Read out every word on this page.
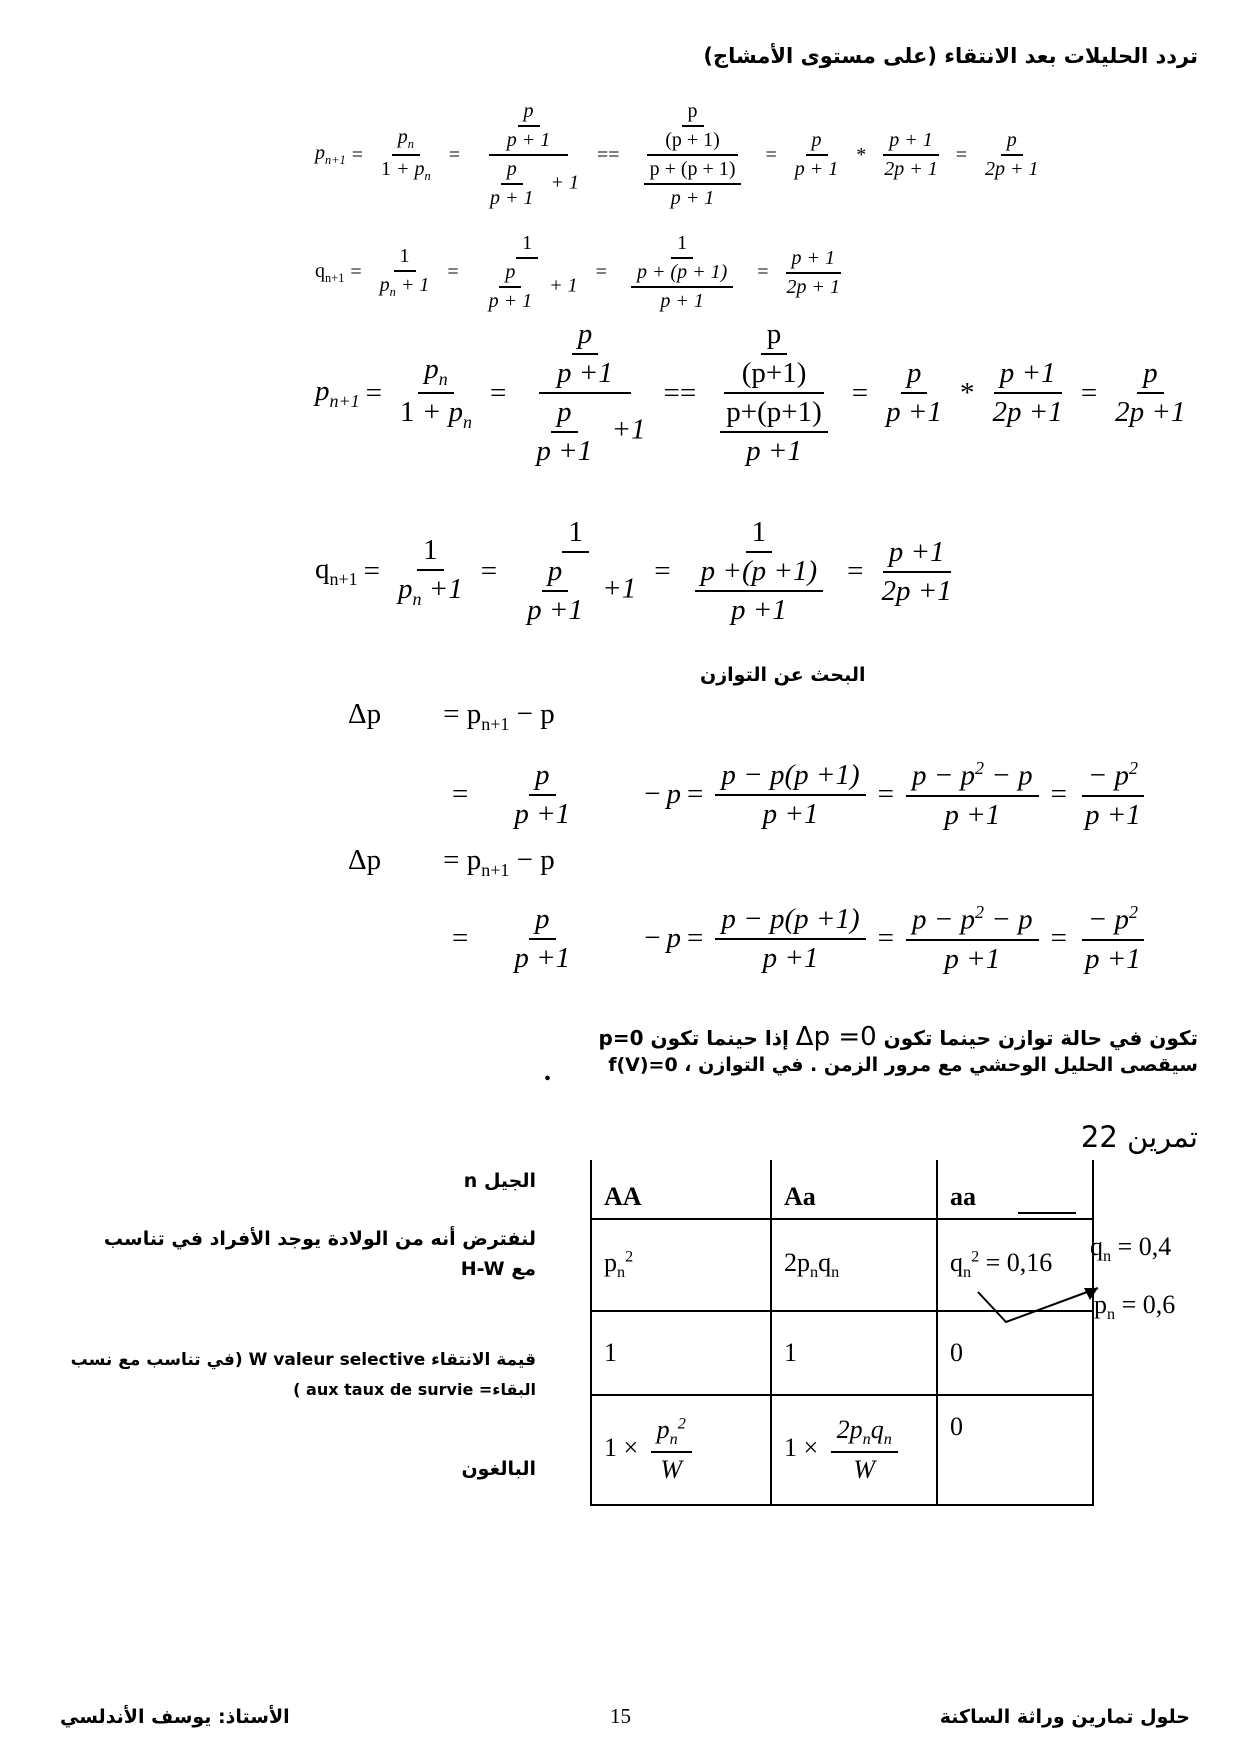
تردد الحليلات بعد الانتقاء (على مستوى الأمشاج)
$p_{n+1} = \frac{p_n}{1 + p_n} = \frac{\frac{p}{p + 1}}{\frac{p}{p + 1} + 1} == \frac{\frac{p}{(p + 1)}}{\frac{p + (p + 1)}{p + 1}} = \frac{p}{p + 1} * \frac{p + 1}{2p + 1} = \frac{p}{2p + 1}$
$q_{n+1} = \frac{1}{p_n + 1} = \frac{1}{\frac{p}{p + 1} + 1} = \frac{1}{\frac{p + (p + 1)}{p + 1}} = \frac{p + 1}{2p + 1}$
$p_{n+1} = \frac{p_n}{1 + p_n} = \frac{\frac{p}{p +1}}{\frac{p}{p +1} +1} == \frac{\frac{p}{(p+1)}}{\frac{p+(p+1)}{p +1}} = \frac{p}{p +1} * \frac{p +1}{2p +1} = \frac{p}{2p +1}$
$q_{n+1} = \frac{1}{p_n +1} = \frac{1}{\frac{p}{p +1} +1} = \frac{1}{\frac{p +(p +1)}{p +1}} = \frac{p +1}{2p +1}$
البحث عن التوازن
$\Delta p = p_{n+1} - p$
= $\frac{p}{p +1} - p = \frac{p - p(p +1)}{p +1} = \frac{p - p^2 - p}{p +1} = \frac{- p^2}{p +1}$
$\Delta p = p_{n+1} - p$
= $\frac{p}{p +1} - p = \frac{p - p(p +1)}{p +1} = \frac{p - p^2 - p}{p +1} = \frac{- p^2}{p +1}$
تكون في حالة توازن حينما تكون Δp =0 إذا حينما تكون p=0
سيقصى الحليل الوحشي مع مرور الزمن . في التوازن ، f(V)=0
.
تمرين 22
الجيل n
لنفترض أنه من الولادة يوجد الأفراد في تناسب
مع H-W
قيمة الانتقاء W valeur selective (في تناسب مع نسب
البقاء= aux taux de survie )
البالغون
AA	Aa	aa
$p_n^2$	$2p_nq_n$	$q_n^2 = 0,16$
1	1	0
$1 \times \frac{p_n^2}{W}$	$1 \times \frac{2p_nq_n}{W}$	0
$q_n = 0,4$
$p_n = 0,6$
الأستاذ: يوسف الأندلسي	15	حلول تمارين وراثة الساكنة
